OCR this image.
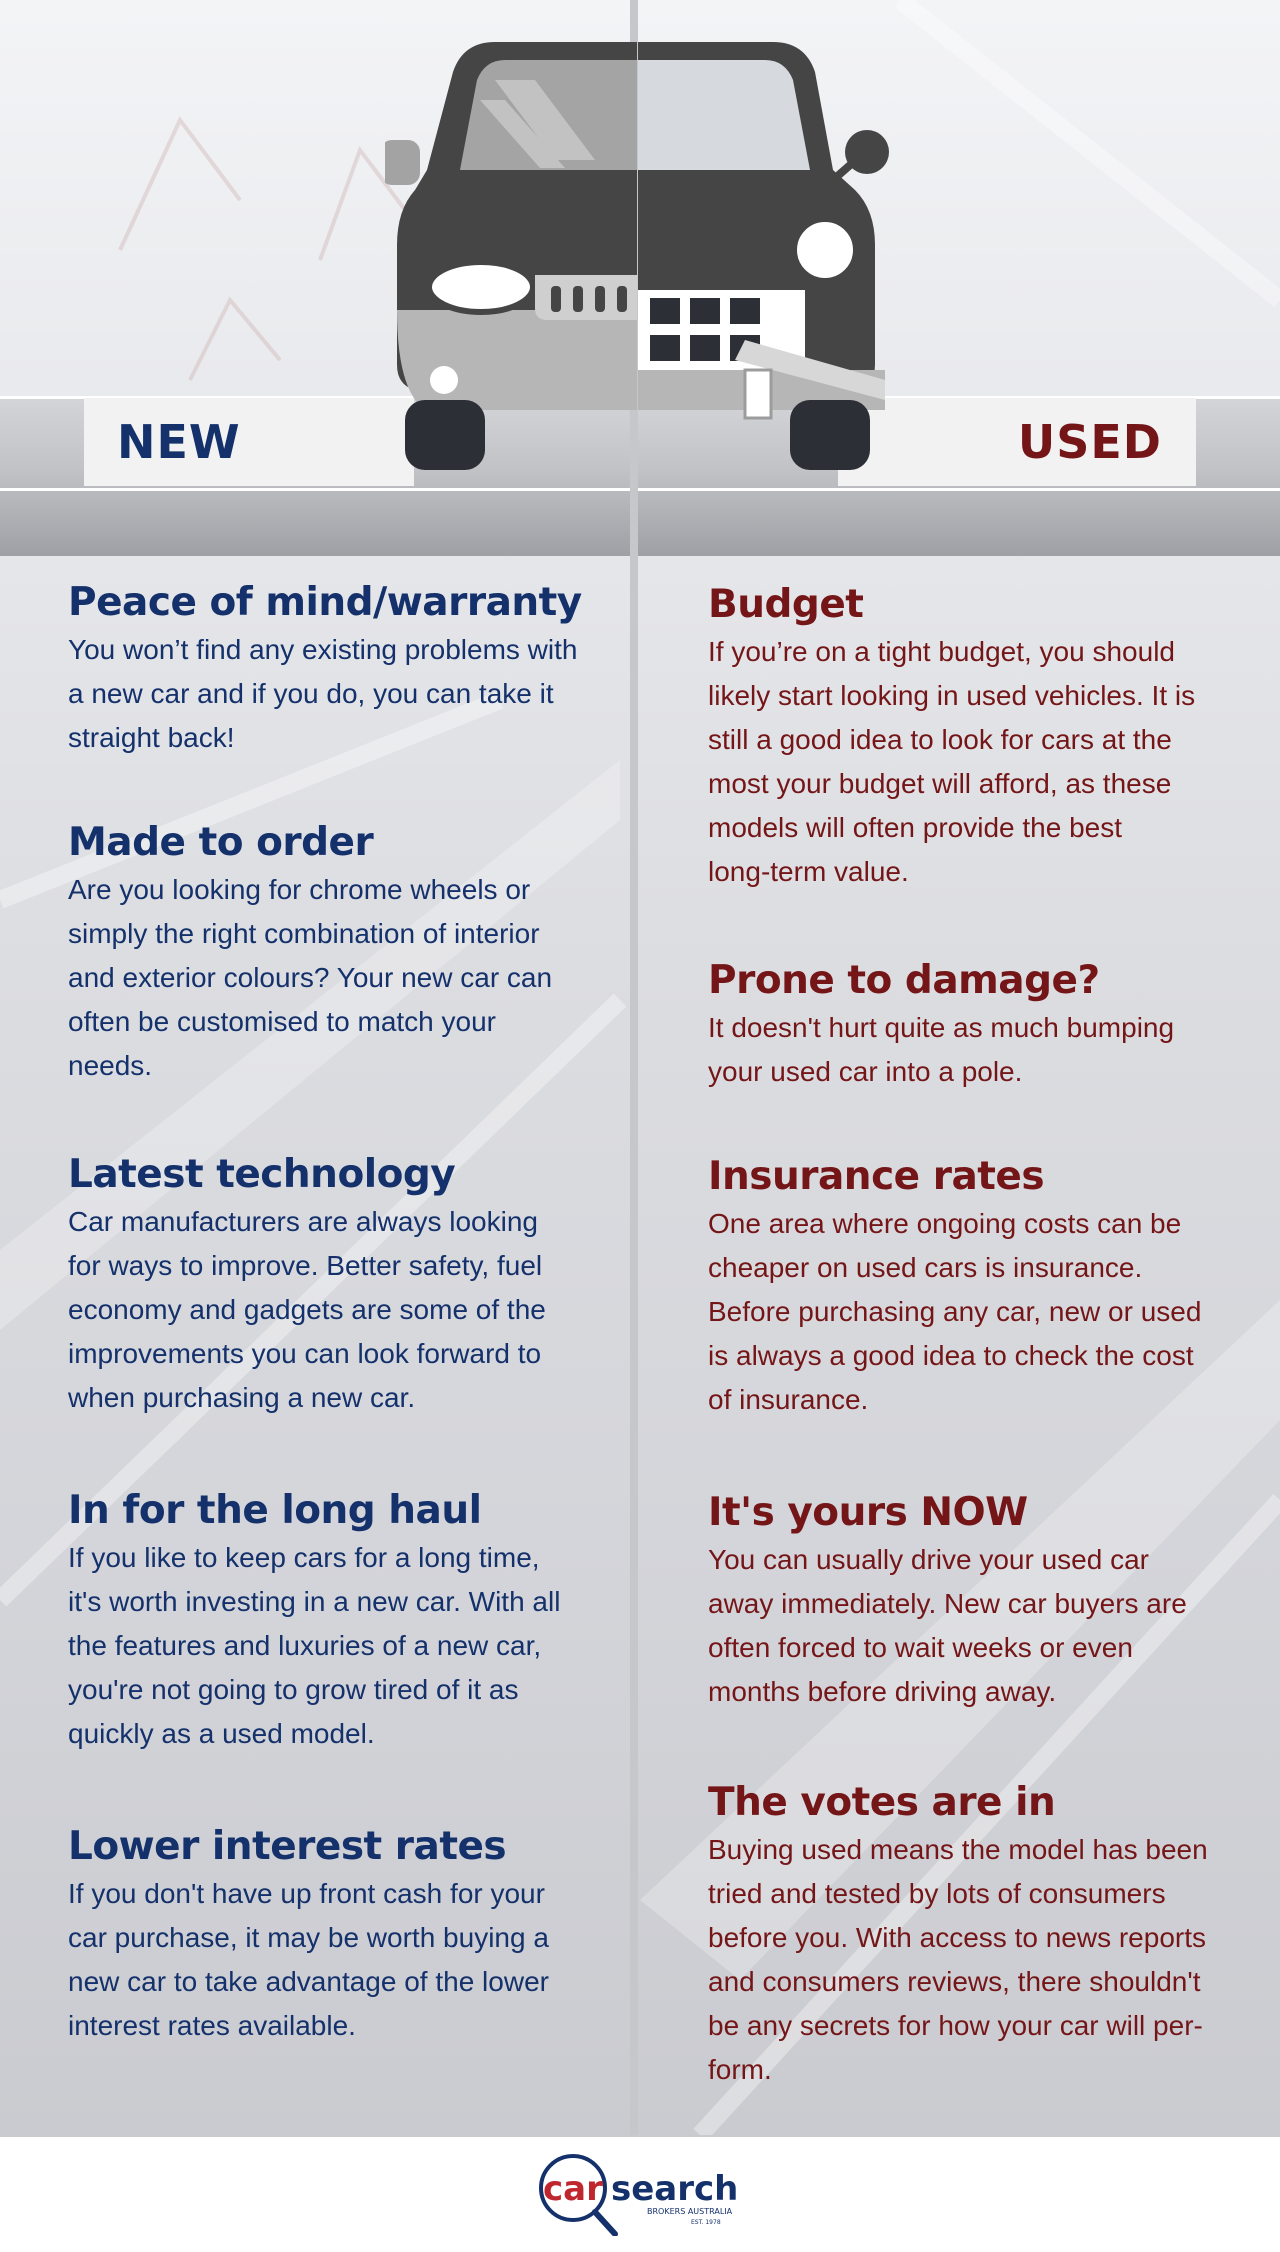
NEW	USED
Peace of mind/warranty

You won’t find any existing problems with
a new car and if you do, you can take it
straight back!

Made to order

Are you looking for chrome wheels or
simply the right combination of interior
and exterior colours? Your new car can
often be customised to match your
needs.

Latest technology

Car manufacturers are always looking
for ways to improve. Better safety, fuel
economy and gadgets are some of the
improvements you can look forward to
when purchasing a new car.

In for the long haul

If you like to keep cars for a long time,
it's worth investing in a new car. With all
the features and luxuries of a new car,
you're not going to grow tired of it as
quickly as a used model.

Lower interest rates

If you don't have up front cash for your
car purchase, it may be worth buying a
new car to take advantage of the lower
interest rates available.

Budget

If you’re on a tight budget, you should
likely start looking in used vehicles. It is
still a good idea to look for cars at the
most your budget will afford, as these
models will often provide the best
long-term value.

Prone to damage?

It doesn't hurt quite as much bumping
your used car into a pole.

Insurance rates

One area where ongoing costs can be
cheaper on used cars is insurance.
Before purchasing any car, new or used
is always a good idea to check the cost
of insurance.

It's yours NOW

You can usually drive your used car
away immediately. New car buyers are
often forced to wait weeks or even
months before driving away.

The votes are in

Buying used means the model has been
tried and tested by lots of consumers
before you. With access to news reports
and consumers reviews, there shouldn't
be any secrets for how your car will per-
form.

car search
BROKERS AUSTRALIA
EST. 1978
